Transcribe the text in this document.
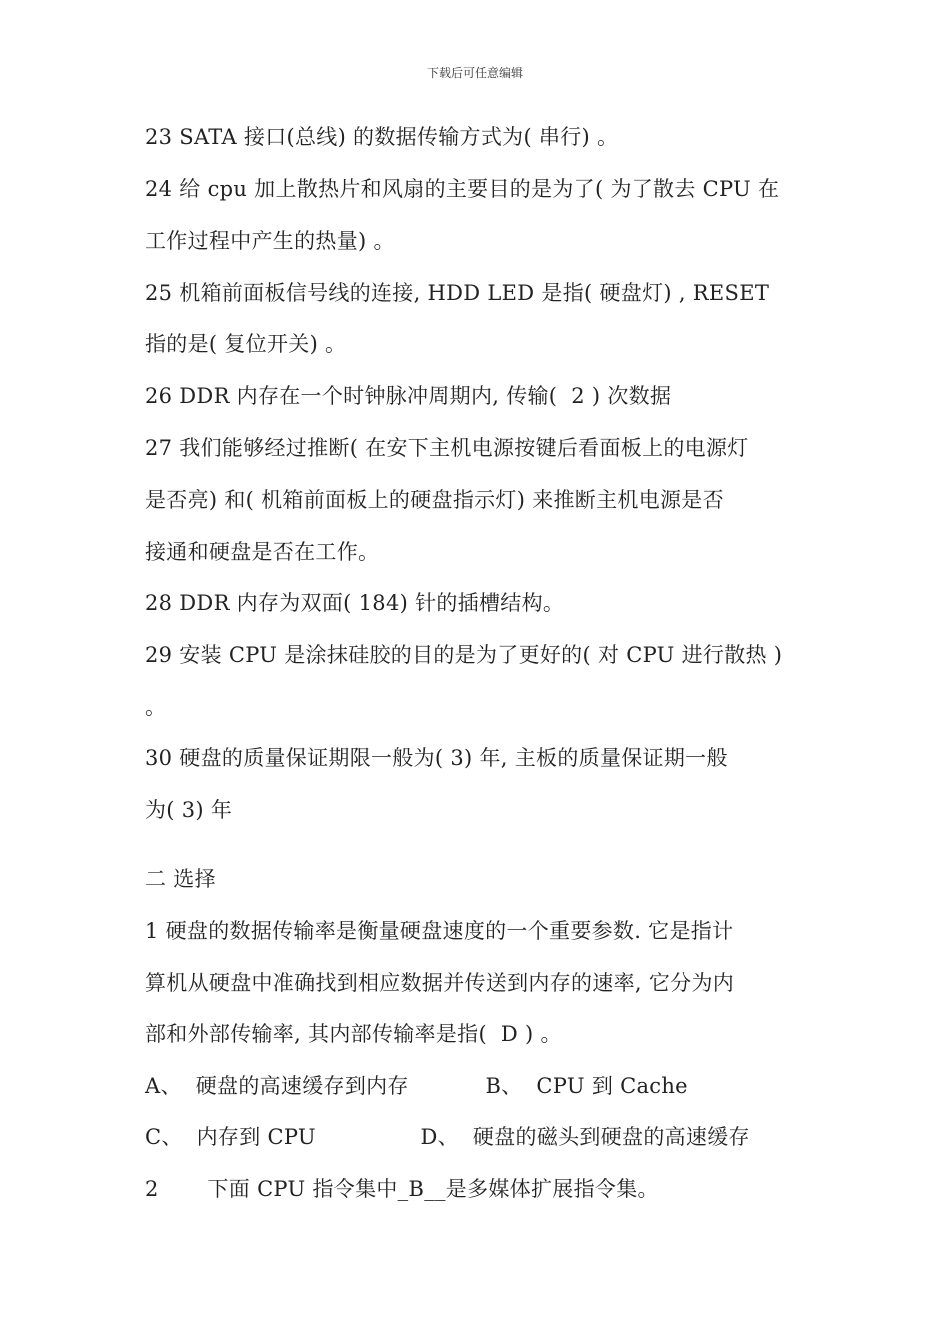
下载后可任意编辑
23 SATA 接口(总线) 的数据传输方式为( 串行) 。
24 给 cpu 加上散热片和风扇的主要目的是为了( 为了散去 CPU 在
工作过程中产生的热量) 。
25 机箱前面板信号线的连接, HDD LED 是指( 硬盘灯) , RESET
指的是( 复位开关) 。
26 DDR 内存在一个时钟脉冲周期内, 传输(  2 ) 次数据
27 我们能够经过推断( 在安下主机电源按键后看面板上的电源灯
是否亮) 和( 机箱前面板上的硬盘指示灯) 来推断主机电源是否
接通和硬盘是否在工作。
28 DDR 内存为双面( 184) 针的插槽结构。
29 安装 CPU 是涂抹硅胶的目的是为了更好的( 对 CPU 进行散热 )
。
30 硬盘的质量保证期限一般为( 3) 年, 主板的质量保证期一般
为( 3) 年
二 选择
1 硬盘的数据传输率是衡量硬盘速度的一个重要参数. 它是指计
算机从硬盘中准确找到相应数据并传送到内存的速率, 它分为内
部和外部传输率, 其内部传输率是指(  D ) 。
A、  硬盘的高速缓存到内存           B、  CPU 到 Cache
C、  内存到 CPU               D、  硬盘的磁头到硬盘的高速缓存
2       下面 CPU 指令集中_B__是多媒体扩展指令集。
